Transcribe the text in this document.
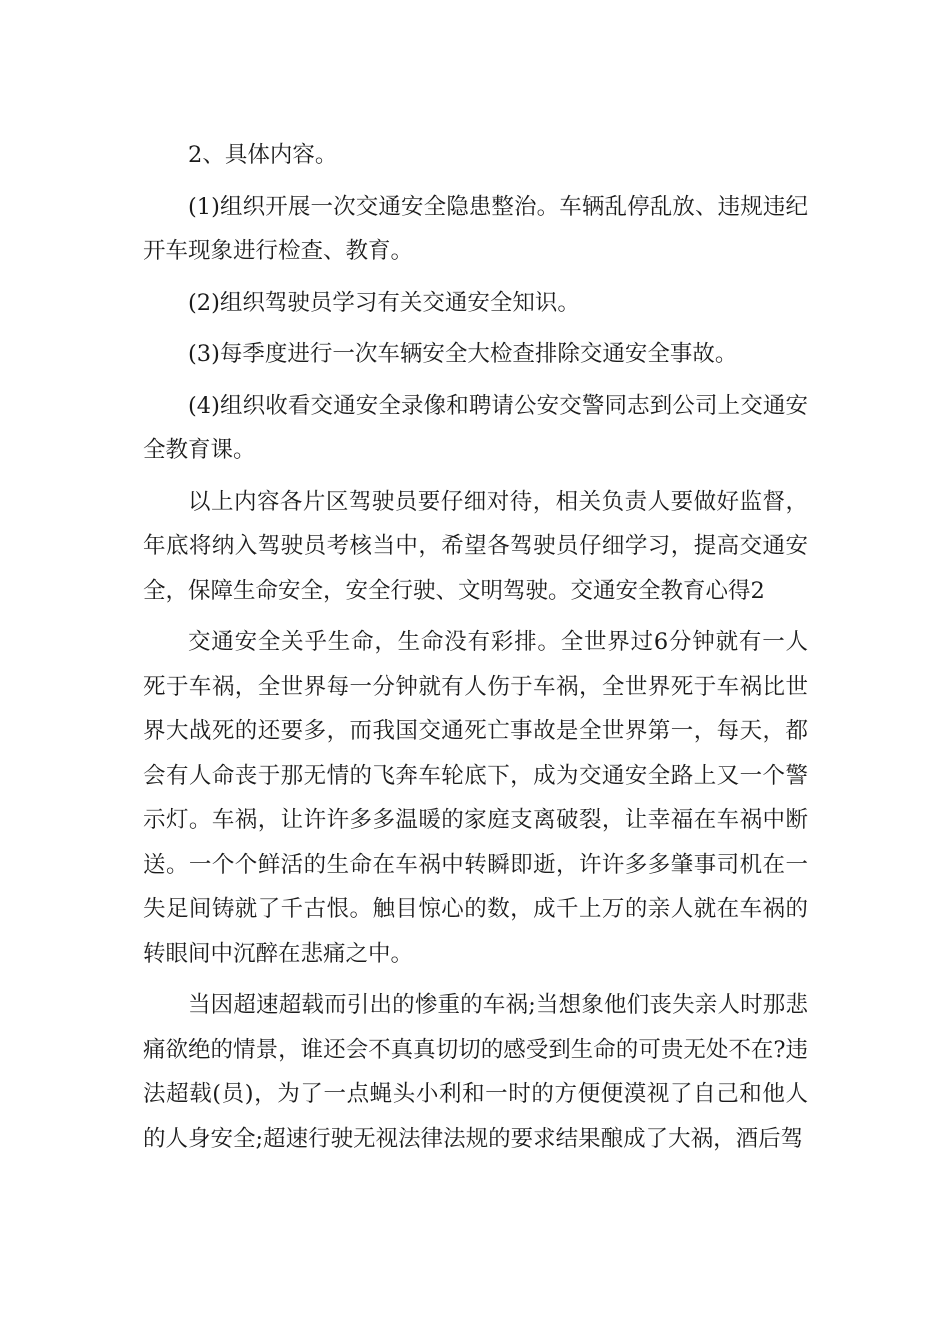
2、具体内容。

(1)组织开展一次交通安全隐患整治。车辆乱停乱放、违规违纪开车现象进行检查、教育。

(2)组织驾驶员学习有关交通安全知识。

(3)每季度进行一次车辆安全大检查排除交通安全事故。

(4)组织收看交通安全录像和聘请公安交警同志到公司上交通安全教育课。

以上内容各片区驾驶员要仔细对待，相关负责人要做好监督，年底将纳入驾驶员考核当中，希望各驾驶员仔细学习，提高交通安全，保障生命安全，安全行驶、文明驾驶。交通安全教育心得2

交通安全关乎生命，生命没有彩排。全世界过6分钟就有一人死于车祸，全世界每一分钟就有人伤于车祸，全世界死于车祸比世界大战死的还要多，而我国交通死亡事故是全世界第一，每天，都会有人命丧于那无情的飞奔车轮底下，成为交通安全路上又一个警示灯。车祸，让许许多多温暖的家庭支离破裂，让幸福在车祸中断送。一个个鲜活的生命在车祸中转瞬即逝，许许多多肇事司机在一失足间铸就了千古恨。触目惊心的数，成千上万的亲人就在车祸的转眼间中沉醉在悲痛之中。

当因超速超载而引出的惨重的车祸;当想象他们丧失亲人时那悲痛欲绝的情景，谁还会不真真切切的感受到生命的可贵无处不在?违法超载(员)，为了一点蝇头小利和一时的方便便漠视了自己和他人的人身安全;超速行驶无视法律法规的要求结果酿成了大祸，酒后驾
